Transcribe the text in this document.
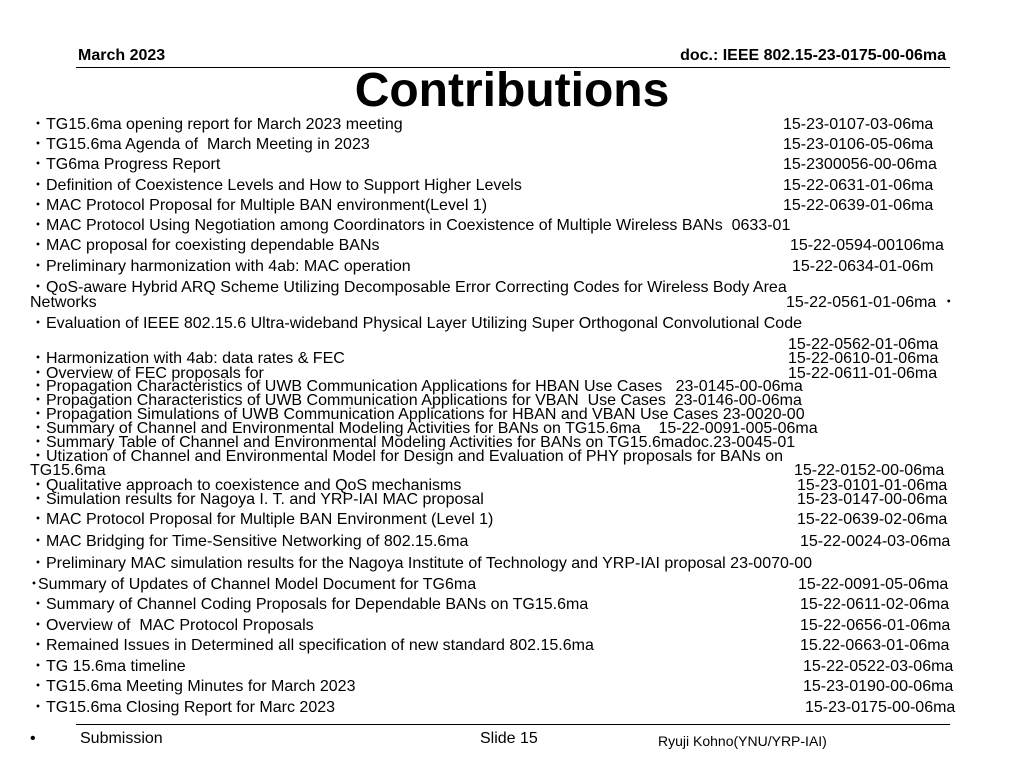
March 2023	doc.: IEEE 802.15-23-0175-00-06ma
Contributions
・TG15.6ma opening report for March 2023 meeting	15-23-0107-03-06ma
・TG15.6ma Agenda of  March Meeting in 2023	15-23-0106-05-06ma
・TG6ma Progress Report	15-2300056-00-06ma
・Definition of Coexistence Levels and How to Support Higher Levels	15-22-0631-01-06ma
・MAC Protocol Proposal for Multiple BAN environment(Level 1)	15-22-0639-01-06ma
・MAC Protocol Using Negotiation among Coordinators in Coexistence of Multiple Wireless BANs  0633-01
・MAC proposal for coexisting dependable BANs	15-22-0594-00106ma
・Preliminary harmonization with 4ab: MAC operation	15-22-0634-01-06m
・QoS-aware Hybrid ARQ Scheme Utilizing Decomposable Error Correcting Codes for Wireless Body Area
Networks	15-22-0561-01-06ma ・
・Evaluation of IEEE 802.15.6 Ultra-wideband Physical Layer Utilizing Super Orthogonal Convolutional Code
15-22-0562-01-06ma
・Harmonization with 4ab: data rates & FEC	15-22-0610-01-06ma
・Overview of FEC proposals for	15-22-0611-01-06ma
・Propagation Characteristics of UWB Communication Applications for HBAN Use Cases   23-0145-00-06ma
・Propagation Characteristics of UWB Communication Applications for VBAN  Use Cases  23-0146-00-06ma
・Propagation Simulations of UWB Communication Applications for HBAN and VBAN Use Cases 23-0020-00
・Summary of Channel and Environmental Modeling Activities for BANs on TG15.6ma    15-22-0091-005-06ma
・Summary Table of Channel and Environmental Modeling Activities for BANs on TG15.6madoc.23-0045-01
・Utization of Channel and Environmental Model for Design and Evaluation of PHY proposals for BANs on
TG15.6ma	15-22-0152-00-06ma
・Qualitative approach to coexistence and QoS mechanisms	15-23-0101-01-06ma
・Simulation results for Nagoya I. T. and YRP-IAI MAC proposal	15-23-0147-00-06ma
・MAC Protocol Proposal for Multiple BAN Environment (Level 1)	15-22-0639-02-06ma
・MAC Bridging for Time-Sensitive Networking of 802.15.6ma	15-22-0024-03-06ma
・Preliminary MAC simulation results for the Nagoya Institute of Technology and YRP-IAI proposal 23-0070-00
･Summary of Updates of Channel Model Document for TG6ma	15-22-0091-05-06ma
・Summary of Channel Coding Proposals for Dependable BANs on TG15.6ma	15-22-0611-02-06ma
・Overview of  MAC Protocol Proposals	15-22-0656-01-06ma
・Remained Issues in Determined all specification of new standard 802.15.6ma	15.22-0663-01-06ma
・TG 15.6ma timeline	15-22-0522-03-06ma
・TG15.6ma Meeting Minutes for March 2023	15-23-0190-00-06ma
・TG15.6ma Closing Report for Marc 2023	15-23-0175-00-06ma
•	Submission	Slide 15	Ryuji Kohno(YNU/YRP-IAI)
